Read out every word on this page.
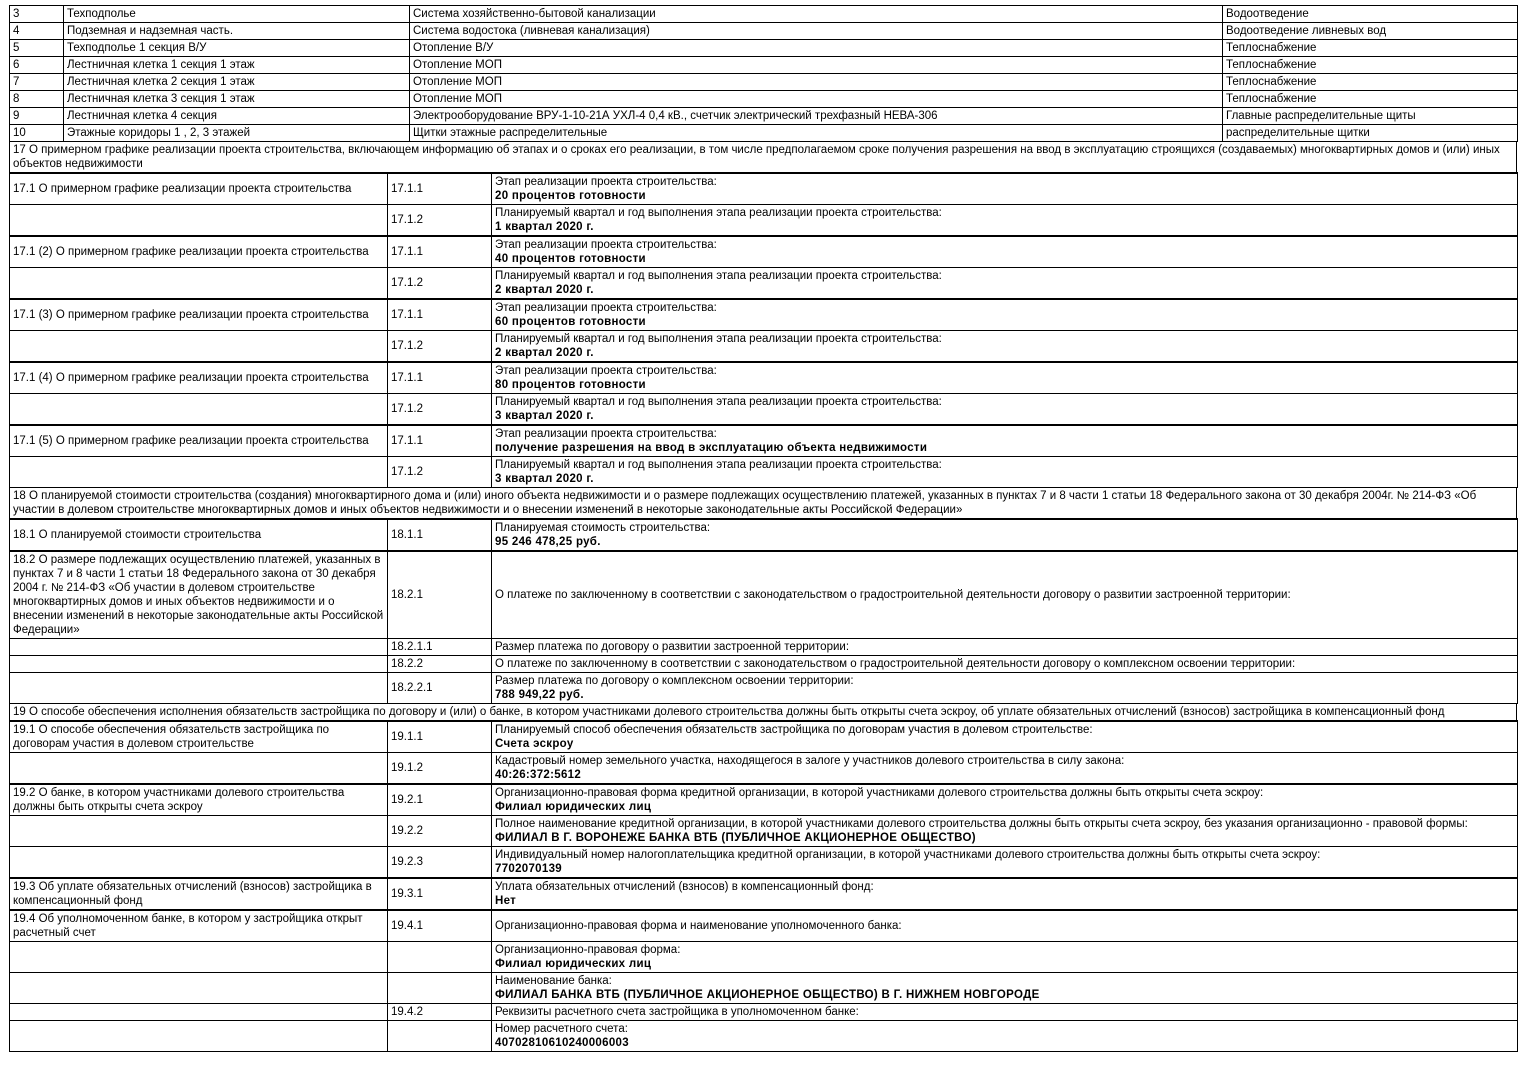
3	Техподполье	Система хозяйственно-бытовой канализации	Водоотведение
4	Подземная и надземная часть.	Система водостока (ливневая канализация)	Водоотведение ливневых вод
5	Техподполье 1 секция В/У	Отопление В/У	Теплоснабжение
6	Лестничная клетка 1 секция 1 этаж	Отопление МОП	Теплоснабжение
7	Лестничная клетка 2 секция 1 этаж	Отопление МОП	Теплоснабжение
8	Лестничная клетка 3 секция 1 этаж	Отопление МОП	Теплоснабжение
9	Лестничная клетка 4 секция	Электрооборудование ВРУ-1-10-21А УХЛ-4 0,4 кВ., счетчик электрический трехфазный НЕВА-306	Главные распределительные щиты
10	Этажные коридоры 1 , 2, 3 этажей	Щитки этажные распределительные	распределительные щитки
17 О примерном графике реализации проекта строительства, включающем информацию об этапах и о сроках его реализации, в том числе предполагаемом сроке получения разрешения на ввод в эксплуатацию строящихся (создаваемых) многоквартирных домов и (или) иных объектов недвижимости
17.1 О примерном графике реализации проекта строительства	17.1.1	Этап реализации проекта строительства:
20 процентов готовности

	17.1.2	Планируемый квартал и год выполнения этапа реализации проекта строительства:
1 квартал 2020 г.

17.1 (2) О примерном графике реализации проекта строительства	17.1.1	Этап реализации проекта строительства:
40 процентов готовности

	17.1.2	Планируемый квартал и год выполнения этапа реализации проекта строительства:
2 квартал 2020 г.

17.1 (3) О примерном графике реализации проекта строительства	17.1.1	Этап реализации проекта строительства:
60 процентов готовности

	17.1.2	Планируемый квартал и год выполнения этапа реализации проекта строительства:
2 квартал 2020 г.

17.1 (4) О примерном графике реализации проекта строительства	17.1.1	Этап реализации проекта строительства:
80 процентов готовности

	17.1.2	Планируемый квартал и год выполнения этапа реализации проекта строительства:
3 квартал 2020 г.

17.1 (5) О примерном графике реализации проекта строительства	17.1.1	Этап реализации проекта строительства:
получение разрешения на ввод в эксплуатацию объекта недвижимости

	17.1.2	Планируемый квартал и год выполнения этапа реализации проекта строительства:
3 квартал 2020 г.
18 О планируемой стоимости строительства (создания) многоквартирного дома и (или) иного объекта недвижимости и о размере подлежащих осуществлению платежей, указанных в пунктах 7 и 8 части 1 статьи 18 Федерального закона от 30 декабря 2004г. № 214-ФЗ «Об участии в долевом строительстве многоквартирных домов и иных объектов недвижимости и о внесении изменений в некоторые законодательные акты Российской Федерации»
18.1 О планируемой стоимости строительства	18.1.1	Планируемая стоимость строительства:
95 246 478,25 руб.

18.2 О размере подлежащих осуществлению платежей, указанных в пунктах 7 и 8 части 1 статьи 18 Федерального закона от 30 декабря 2004 г. № 214-ФЗ «Об участии в долевом строительстве многоквартирных домов и иных объектов недвижимости и о внесении изменений в некоторые законодательные акты Российской Федерации»	18.2.1	О платеже по заключенному в соответствии с законодательством о градостроительной деятельности договору о развитии застроенной территории:

	18.2.1.1	Размер платежа по договору о развитии застроенной территории:

	18.2.2	О платеже по заключенному в соответствии с законодательством о градостроительной деятельности договору о комплексном освоении территории:

	18.2.2.1	Размер платежа по договору о комплексном освоении территории:
788 949,22 руб.
19 О способе обеспечения исполнения обязательств застройщика по договору и (или) о банке, в котором участниками долевого строительства должны быть открыты счета эскроу, об уплате обязательных отчислений (взносов) застройщика в компенсационный фонд
19.1 О способе обеспечения обязательств застройщика по договорам участия в долевом строительстве	19.1.1	Планируемый способ обеспечения обязательств застройщика по договорам участия в долевом строительстве:
Счета эскроу

	19.1.2	Кадастровый номер земельного участка, находящегося в залоге у участников долевого строительства в силу закона:
40:26:372:5612

19.2 О банке, в котором участниками долевого строительства должны быть открыты счета эскроу	19.2.1	Организационно-правовая форма кредитной организации, в которой участниками долевого строительства должны быть открыты счета эскроу:
Филиал юридических лиц

	19.2.2	Полное наименование кредитной организации, в которой участниками долевого строительства должны быть открыты счета эскроу, без указания организационно - правовой формы:
ФИЛИАЛ В Г. ВОРОНЕЖЕ БАНКА ВТБ (ПУБЛИЧНОЕ АКЦИОНЕРНОЕ ОБЩЕСТВО)

	19.2.3	Индивидуальный номер налогоплательщика кредитной организации, в которой участниками долевого строительства должны быть открыты счета эскроу:
7702070139

19.3 Об уплате обязательных отчислений (взносов) застройщика в компенсационный фонд	19.3.1	Уплата обязательных отчислений (взносов) в компенсационный фонд:
Нет

19.4 Об уполномоченном банке, в котором у застройщика открыт расчетный счет	19.4.1	Организационно-правовая форма и наименование уполномоченного банка:

		Организационно-правовая форма:
Филиал юридических лиц

		Наименование банка:
ФИЛИАЛ БАНКА ВТБ (ПУБЛИЧНОЕ АКЦИОНЕРНОЕ ОБЩЕСТВО) В Г. НИЖНЕМ НОВГОРОДЕ

	19.4.2	Реквизиты расчетного счета застройщика в уполномоченном банке:

		Номер расчетного счета:
40702810610240006003
